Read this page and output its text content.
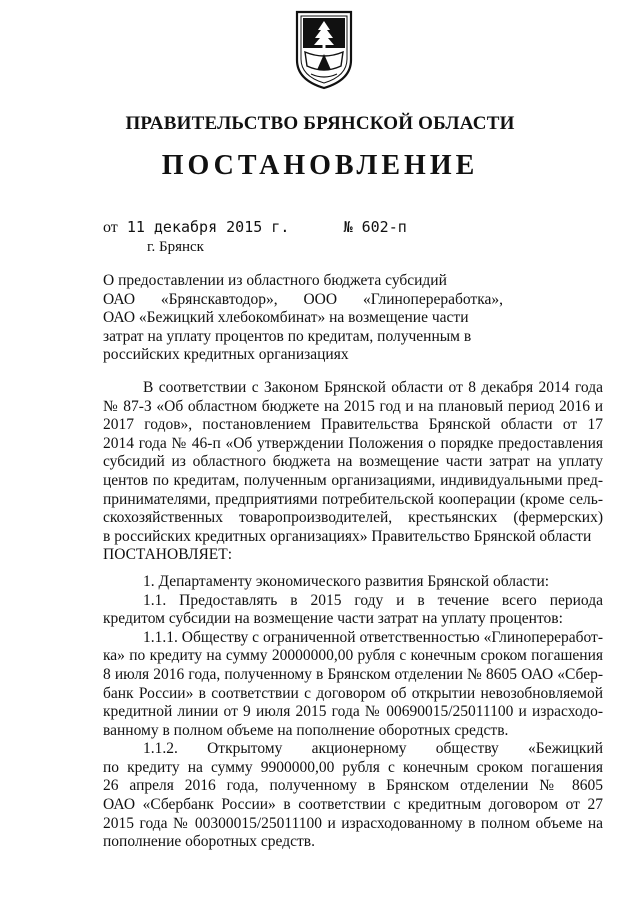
ПРАВИТЕЛЬСТВО БРЯНСКОЙ ОБЛАСТИ
ПОСТАНОВЛЕНИЕ
от 11 декабря 2015 г.	№ 602-п
г. Брянск
О предоставлении из областного бюджета субсидий
ОАО «Брянскавтодор», ООО «Глинопереработка»,
ОАО «Бежицкий хлебокомбинат» на возмещение части
затрат на уплату процентов по кредитам, полученным в
российских кредитных организациях
В соответствии с Законом Брянской области от 8 декабря 2014 года
№ 87-З «Об областном бюджете на 2015 год и на плановый период 2016 и
2017 годов», постановлением Правительства Брянской области от 17
2014 года № 46-п «Об утверждении Положения о порядке предоставления
субсидий из областного бюджета на возмещение части затрат на уплату
центов по кредитам, полученным организациями, индивидуальными пред-
принимателями, предприятиями потребительской кооперации (кроме сель-
скохозяйственных товаропроизводителей, крестьянских (фермерских)
в российских кредитных организациях» Правительство Брянской области
ПОСТАНОВЛЯЕТ:
1. Департаменту экономического развития Брянской области:
1.1. Предоставлять в 2015 году и в течение всего периода
кредитом субсидии на возмещение части затрат на уплату процентов:
1.1.1. Обществу с ограниченной ответственностью «Глинопереработ-
ка» по кредиту на сумму 20000000,00 рубля с конечным сроком погашения
8 июля 2016 года, полученному в Брянском отделении № 8605 ОАО «Сбер-
банк России» в соответствии с договором об открытии невозобновляемой
кредитной линии от 9 июля 2015 года № 00690015/25011100 и израсходо-
ванному в полном объеме на пополнение оборотных средств.
1.1.2. Открытому акционерному обществу «Бежицкий
по кредиту на сумму 9900000,00 рубля с конечным сроком погашения
26 апреля 2016 года, полученному в Брянском отделении № 8605
ОАО «Сбербанк России» в соответствии с кредитным договором от 27
2015 года № 00300015/25011100 и израсходованному в полном объеме на
пополнение оборотных средств.
